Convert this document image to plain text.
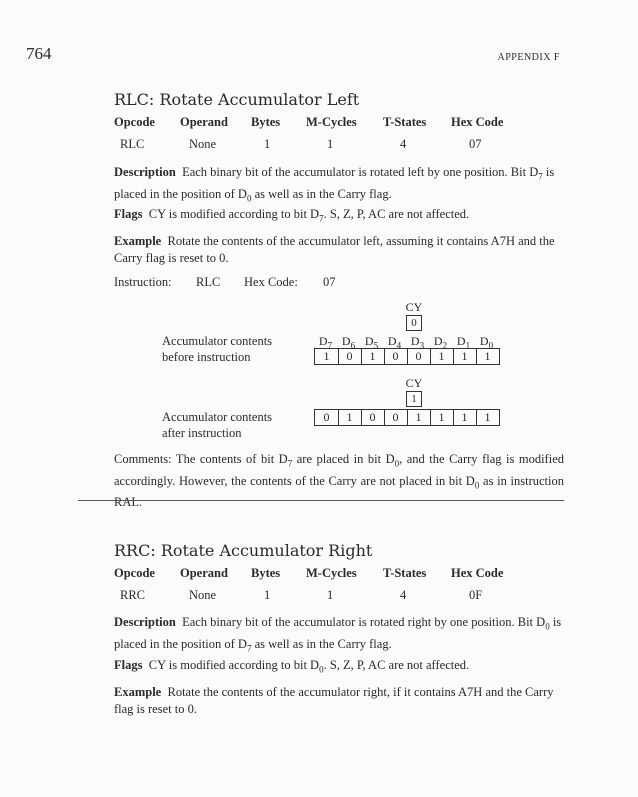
764	APPENDIX F
RLC: Rotate Accumulator Left
Opcode Operand Bytes M-Cycles T-States Hex Code
RLC	None	1	1	4	07
Description Each binary bit of the accumulator is rotated left by one position. Bit $D_7$ is placed in the position of $D_0$ as well as in the Carry flag.
Flags CY is modified according to bit $D_7$. S, Z, P, AC are not affected.
Example Rotate the contents of the accumulator left, assuming it contains A7H and the Carry flag is reset to 0.
Instruction: RLC Hex Code: 07
CY
0
Accumulator contents
before instruction
$D_7$ $D_6$ $D_5$ $D_4$ $D_3$ $D_2$ $D_1$ $D_0$
1	0	1	0	0	1	1	1
CY
1
Accumulator contents
after instruction
0	1	0	0	1	1	1	1
Comments: The contents of bit $D_7$ are placed in bit $D_0$, and the Carry flag is modified accordingly. However, the contents of the Carry are not placed in bit $D_0$ as in instruction RAL.
RRC: Rotate Accumulator Right
Opcode Operand Bytes M-Cycles T-States Hex Code
RRC	None	1	1	4	0F
Description Each binary bit of the accumulator is rotated right by one position. Bit $D_0$ is placed in the position of $D_7$ as well as in the Carry flag.
Flags CY is modified according to bit $D_0$. S, Z, P, AC are not affected.
Example Rotate the contents of the accumulator right, if it contains A7H and the Carry flag is reset to 0.
